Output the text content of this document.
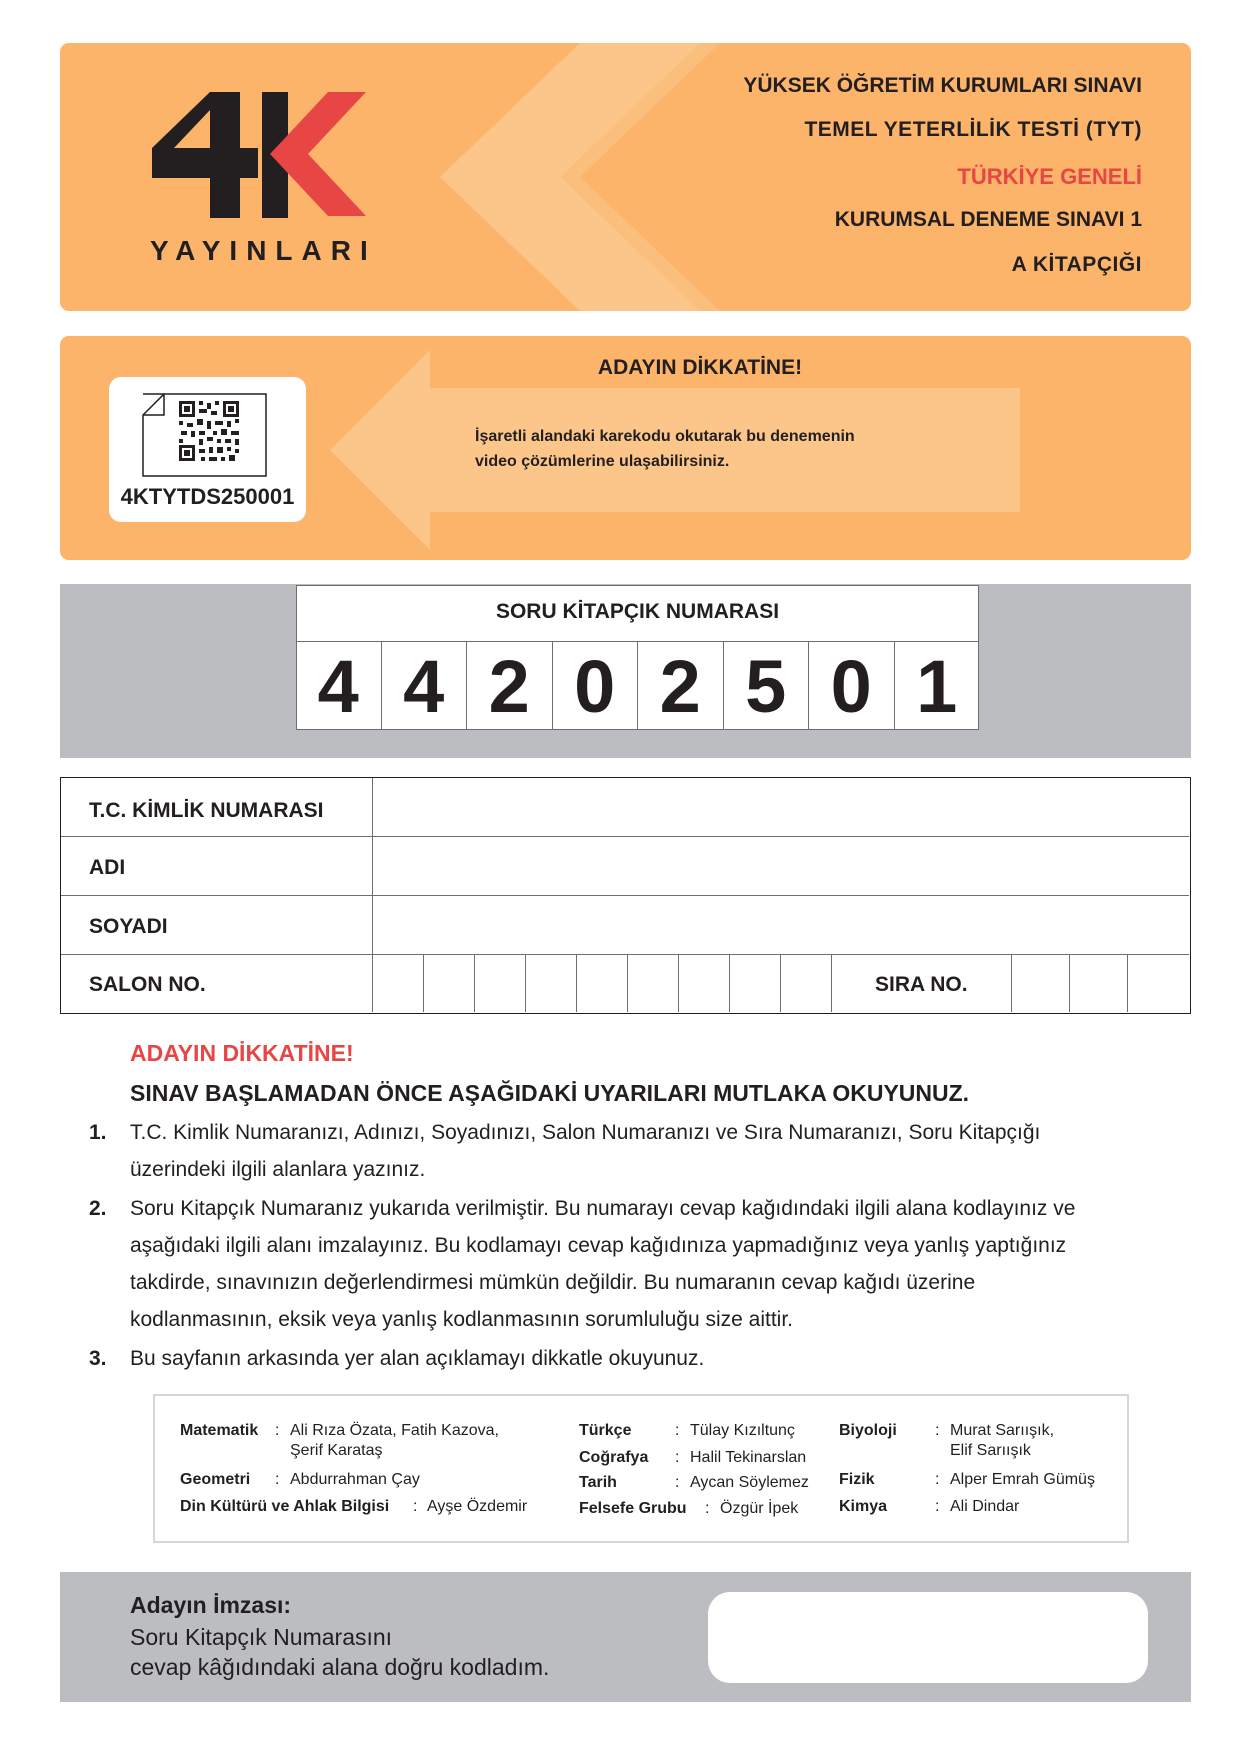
YAYINLARI
YÜKSEK ÖĞRETİM KURUMLARI SINAVI
TEMEL YETERLİLİK TESTİ (TYT)
TÜRKİYE GENELİ
KURUMSAL DENEME SINAVI 1
A KİTAPÇIĞI
ADAYIN DİKKATİNE!
İşaretli alandaki karekodu okutarak bu denemenin
video çözümlerine ulaşabilirsiniz.
4KTYTDS250001
SORU KİTAPÇIK NUMARASI
4 4 2 0 2 5 0 1
T.C. KİMLİK NUMARASI
ADI
SOYADI
SALON NO.	SIRA NO.
ADAYIN DİKKATİNE!
SINAV BAŞLAMADAN ÖNCE AŞAĞIDAKİ UYARILARI MUTLAKA OKUYUNUZ.
1. T.C. Kimlik Numaranızı, Adınızı, Soyadınızı, Salon Numaranızı ve Sıra Numaranızı, Soru Kitapçığı
üzerindeki ilgili alanlara yazınız.
2. Soru Kitapçık Numaranız yukarıda verilmiştir. Bu numarayı cevap kağıdındaki ilgili alana kodlayınız ve
aşağıdaki ilgili alanı imzalayınız. Bu kodlamayı cevap kağıdınıza yapmadığınız veya yanlış yaptığınız
takdirde, sınavınızın değerlendirmesi mümkün değildir. Bu numaranın cevap kağıdı üzerine
kodlanmasının, eksik veya yanlış kodlanmasının sorumluluğu size aittir.
3. Bu sayfanın arkasında yer alan açıklamayı dikkatle okuyunuz.
Matematik : Ali Rıza Özata, Fatih Kazova,
Şerif Karataş
Geometri : Abdurrahman Çay
Din Kültürü ve Ahlak Bilgisi : Ayşe Özdemir
Türkçe	: Tülay Kızıltunç
Coğrafya : Halil Tekinarslan
Tarih	: Aycan Söylemez
Felsefe Grubu : Özgür İpek
Biyoloji : Murat Sarıışık,
Elif Sarıışık
Fizik	: Alper Emrah Gümüş
Kimya	: Ali Dindar
Adayın İmzası:
Soru Kitapçık Numarasını
cevap kâğıdındaki alana doğru kodladım.
